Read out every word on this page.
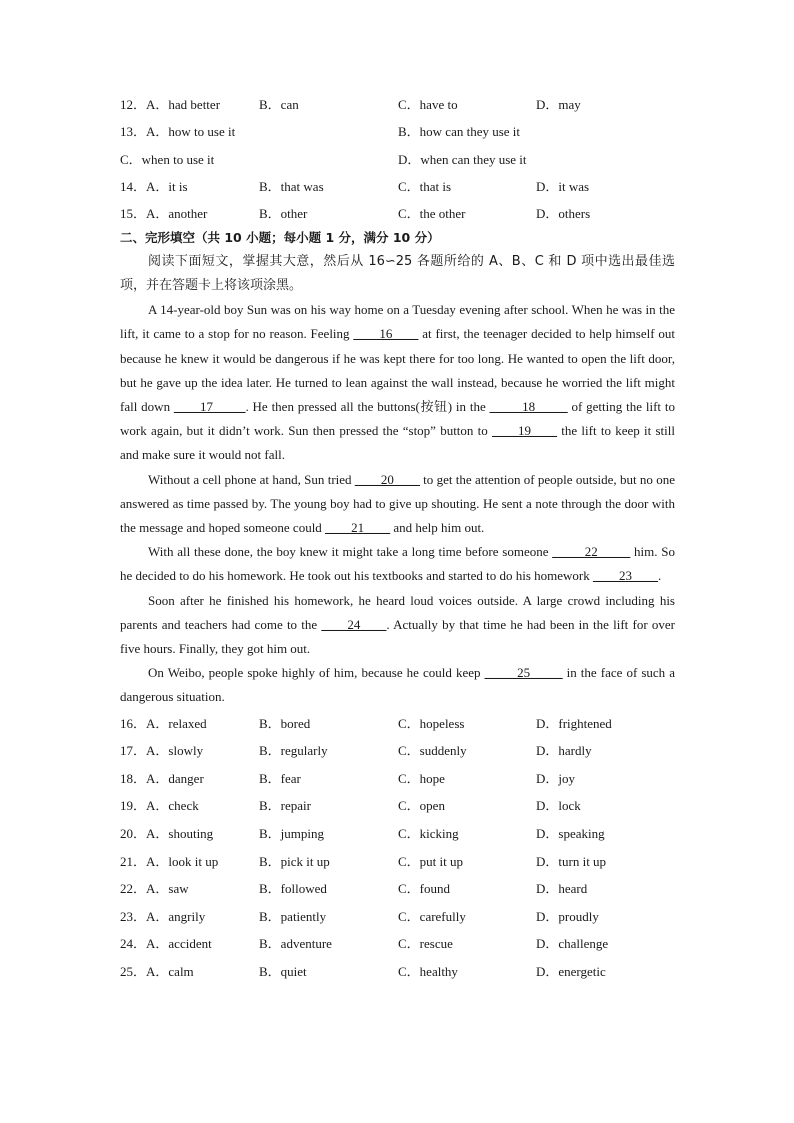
12．A．had better	B．can	C．have to	D．may
13．A．how to use it	B．how can they use it
C．when to use it	D．when can they use it
14．A．it is	B．that was	C．that is	D．it was
15．A．another	B．other	C．the other	D．others
二、完形填空（共 10 小题；每小题 1 分，满分 10 分）
阅读下面短文，掌握其大意，然后从 16∽25 各题所给的 A、B、C 和 D 项中选出最佳选项，并在答题卡上将该项涂黑。

A 14-year-old boy Sun was on his way home on a Tuesday evening after school. When he was in the lift, it came to a stop for no reason. Feeling ____16____ at first, the teenager decided to help himself out because he knew it would be dangerous if he was kept there for too long. He wanted to open the lift door, but he gave up the idea later. He turned to lean against the wall instead, because he worried the lift might fall down ____17_____. He then pressed all the buttons(按钮) in the _____18_____ of getting the lift to work again, but it didn’t work. Sun then pressed the “stop” button to ____19____ the lift to keep it still and make sure it would not fall.

Without a cell phone at hand, Sun tried ____20____ to get the attention of people outside, but no one answered as time passed by. The young boy had to give up shouting. He sent a note through the door with the message and hoped someone could ____21____ and help him out.

With all these done, the boy knew it might take a long time before someone _____22_____ him. So he decided to do his homework. He took out his textbooks and started to do his homework ____23____.

Soon after he finished his homework, he heard loud voices outside. A large crowd including his parents and teachers had come to the ____24____. Actually by that time he had been in the lift for over five hours. Finally, they got him out.

On Weibo, people spoke highly of him, because he could keep _____25_____ in the face of such a dangerous situation.

16．A．relaxed	B．bored	C．hopeless	D．frightened
17．A．slowly	B．regularly	C．suddenly	D．hardly
18．A．danger	B．fear	C．hope	D．joy
19．A．check	B．repair	C．open	D．lock
20．A．shouting	B．jumping	C．kicking	D．speaking
21．A．look it up	B．pick it up	C．put it up	D．turn it up
22．A．saw	B．followed	C．found	D．heard
23．A．angrily	B．patiently	C．carefully	D．proudly
24．A．accident	B．adventure	C．rescue	D．challenge
25．A．calm	B．quiet	C．healthy	D．energetic
